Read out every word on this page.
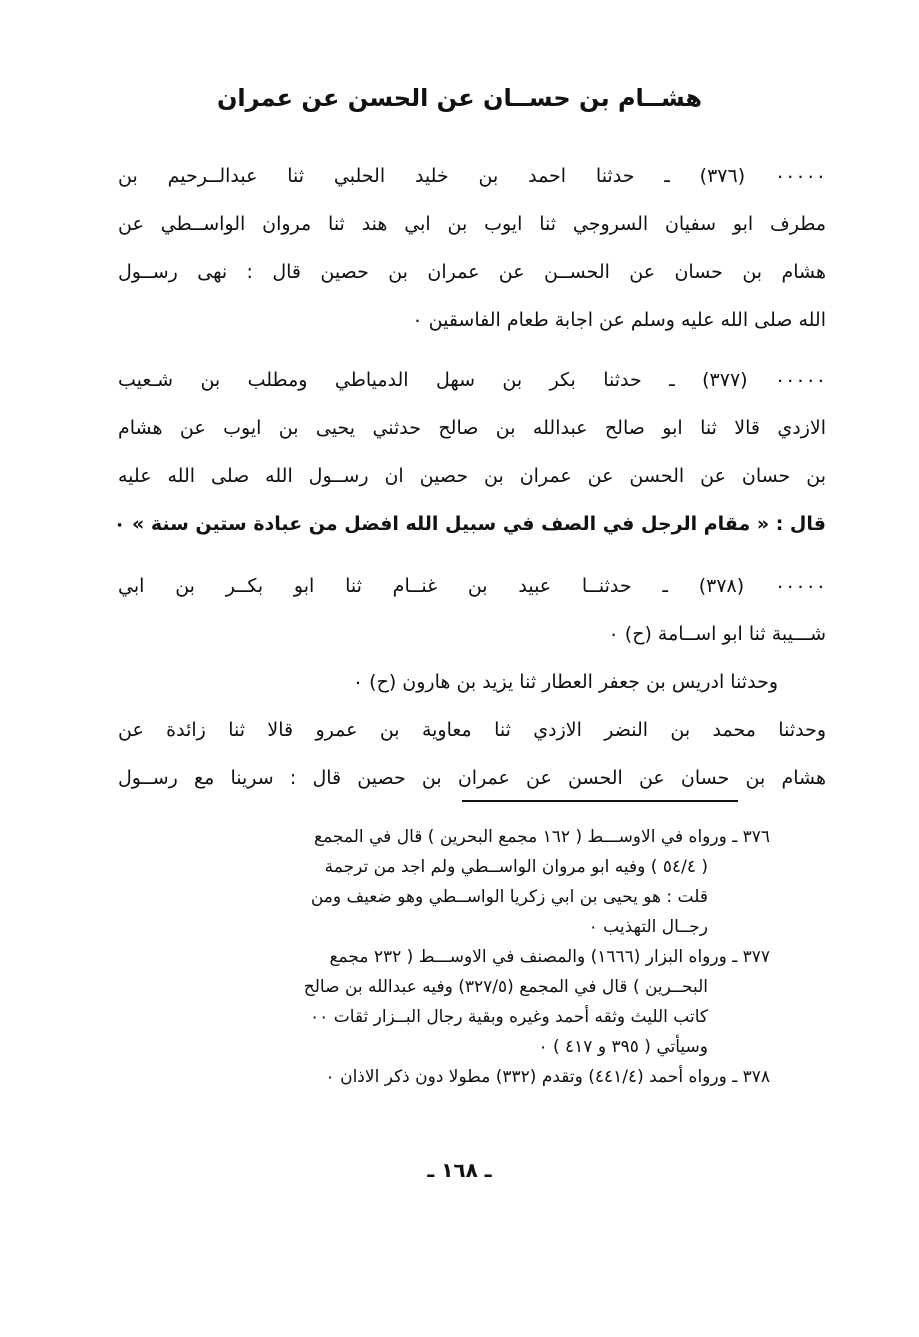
هشــام بن حســان عن الحسن عن عمران
٠٠٠٠٠ (٣٧٦) ـ حدثنا احمد بن خليد الحلبي ثنا عبدالــرحيم بن
مطرف ابو سفيان السروجي ثنا ايوب بن ابي هند ثنا مروان الواســطي عن
هشام بن حسان عن الحســن عن عمران بن حصين قال : نهى رســول
الله صلى الله عليه وسلم عن اجابة طعام الفاسقين ٠
٠٠٠٠٠ (٣٧٧) ـ حدثنا بكر بن سهل الدمياطي ومطلب بن شـعيب
الازدي قالا ثنا ابو صالح عبدالله بن صالح حدثني يحيى بن ايوب عن هشام
بن حسان عن الحسن عن عمران بن حصين ان رســول الله صلى الله عليه
قال : « مقام الرجل في الصف في سبيل الله افضل من عبادة ستين سنة » ٠
٠٠٠٠٠ (٣٧٨) ـ حدثنــا عبيد بن غنــام ثنا ابو بكــر بن ابي
شـــيبة ثنا ابو اســامة (ح) ٠
وحدثنا ادريس بن جعفر العطار ثنا يزيد بن هارون (ح) ٠
وحدثنا محمد بن النضر الازدي ثنا معاوية بن عمرو قالا ثنا زائدة عن
هشام بن حسان عن الحسن عن عمران بن حصين قال : سرينا مع رســول
٣٧٦ ـ ورواه في الاوســـط ( ١٦٢ مجمع البحرين ) قال في المجمع
( ٥٤/٤ ) وفيه ابو مروان الواســطي ولم اجد من ترجمة
قلت : هو يحيى بن ابي زكريا الواســطي وهو ضعيف ومن
رجــال التهذيب ٠
٣٧٧ ـ ورواه البزار (١٦٦٦) والمصنف في الاوســـط ( ٢٣٢ مجمع
البحــرين ) قال في المجمع (٣٢٧/٥) وفيه عبدالله بن صالح
كاتب الليث وثقه أحمد وغيره وبقية رجال البــزار ثقات ٠٠
وسيأتي ( ٣٩٥ و ٤١٧ ) ٠
٣٧٨ ـ ورواه أحمد (٤٤١/٤) وتقدم (٣٣٢) مطولا دون ذكر الاذان ٠
ـ ١٦٨ ـ
